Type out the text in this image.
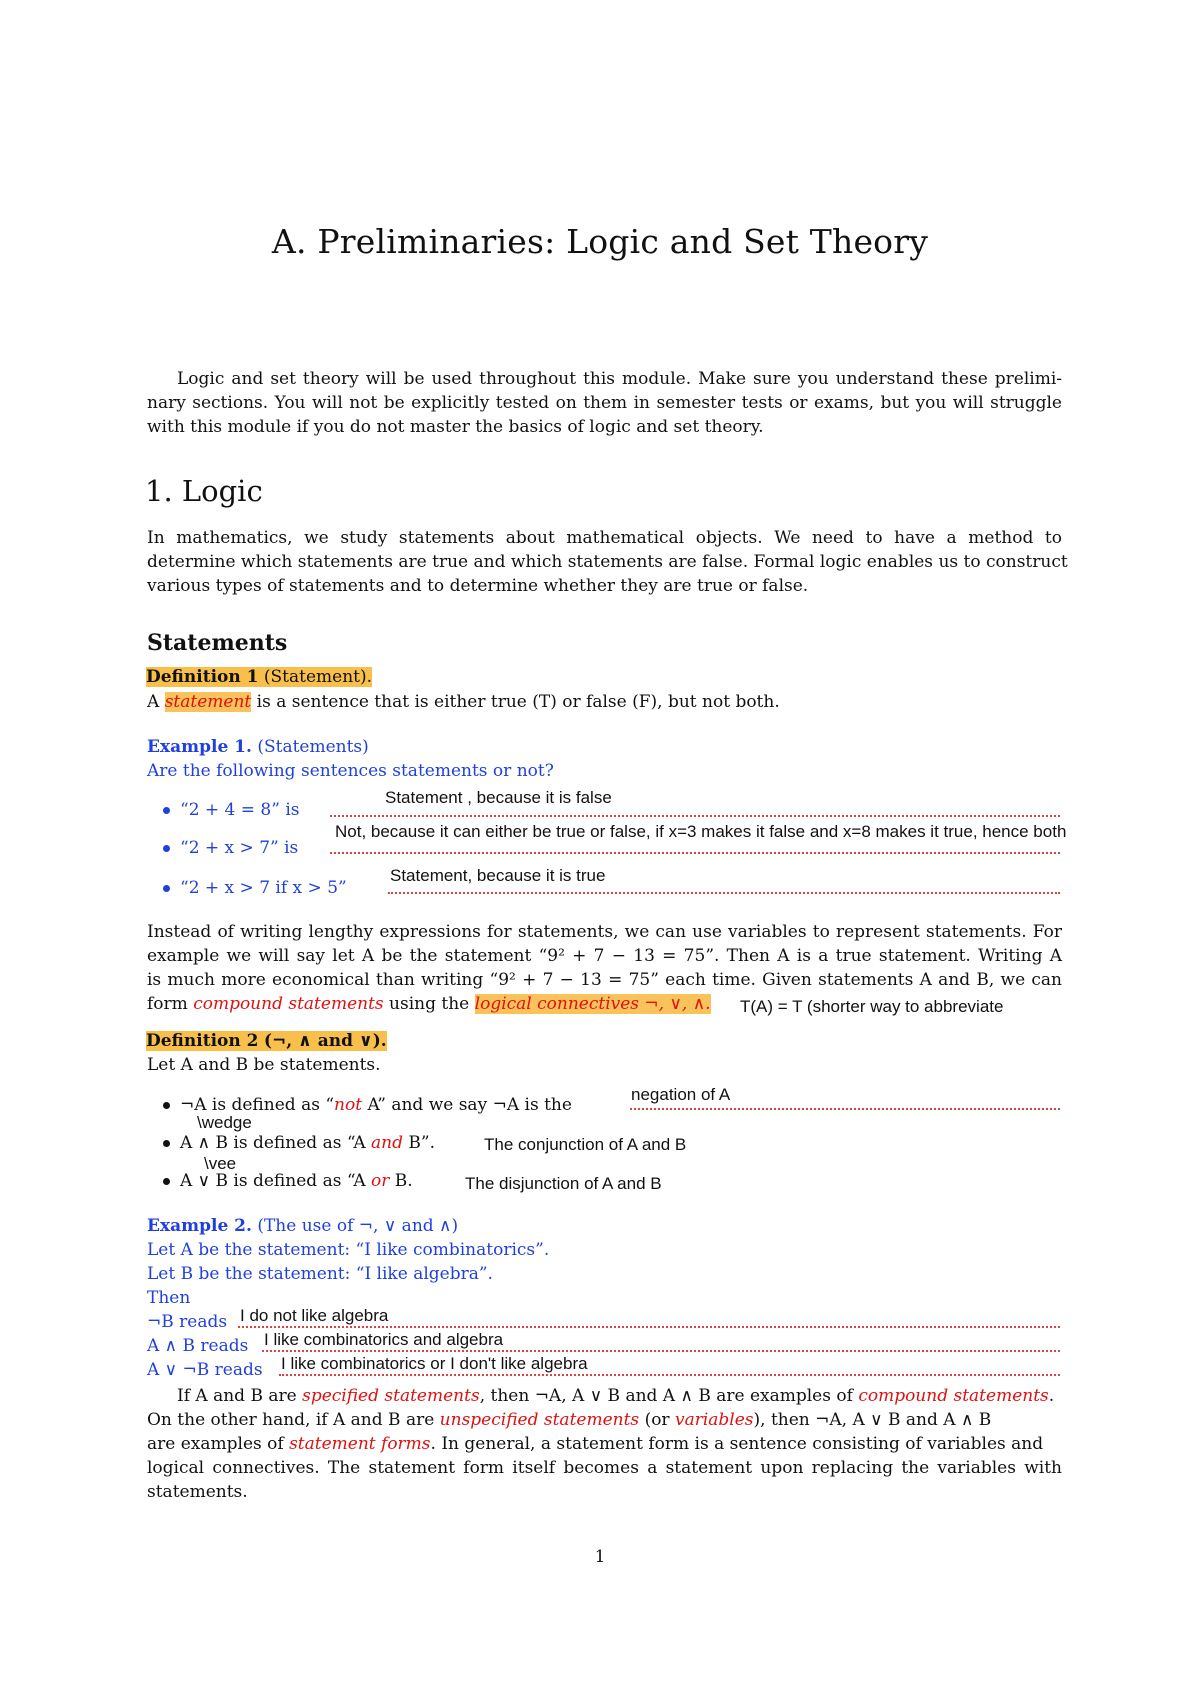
A. Preliminaries: Logic and Set Theory
Logic and set theory will be used throughout this module. Make sure you understand these prelimi-
nary sections. You will not be explicitly tested on them in semester tests or exams, but you will struggle
with this module if you do not master the basics of logic and set theory.
1. Logic
In mathematics, we study statements about mathematical objects. We need to have a method to
determine which statements are true and which statements are false. Formal logic enables us to construct
various types of statements and to determine whether they are true or false.
Statements
Definition 1 (Statement).
A statement is a sentence that is either true (T) or false (F), but not both.
Example 1. (Statements)
Are the following sentences statements or not?
“2 + 4 = 8” is
Statement , because it is false
“2 + x > 7” is
Not, because it can either be true or false, if x=3 makes it false and x=8 makes it true, hence both
“2 + x > 7 if x > 5”
Statement, because it is true
Instead of writing lengthy expressions for statements, we can use variables to represent statements. For
example we will say let A be the statement “9² + 7 − 13 = 75”. Then A is a true statement. Writing A
is much more economical than writing “9² + 7 − 13 = 75” each time. Given statements A and B, we can
form compound statements using the logical connectives ¬, ∨, ∧. T(A) = T (shorter way to abbreviate
Definition 2 (¬, ∧ and ∨).
Let A and B be statements.
¬A is defined as “not A” and we say ¬A is the
negation of A
\wedge
A ∧ B is defined as “A and B”.	The conjunction of A and B
\vee
A ∨ B is defined as “A or B.	The disjunction of A and B
Example 2. (The use of ¬, ∨ and ∧)
Let A be the statement: “I like combinatorics”.
Let B be the statement: “I like algebra”.
Then
¬B reads I do not like algebra
A ∧ B reads I like combinatorics and algebra
A ∨ ¬B reads I like combinatorics or I don't like algebra
If A and B are specified statements, then ¬A, A ∨ B and A ∧ B are examples of compound statements.
On the other hand, if A and B are unspecified statements (or variables), then ¬A, A ∨ B and A ∧ B
are examples of statement forms. In general, a statement form is a sentence consisting of variables and
logical connectives. The statement form itself becomes a statement upon replacing the variables with
statements.
1
